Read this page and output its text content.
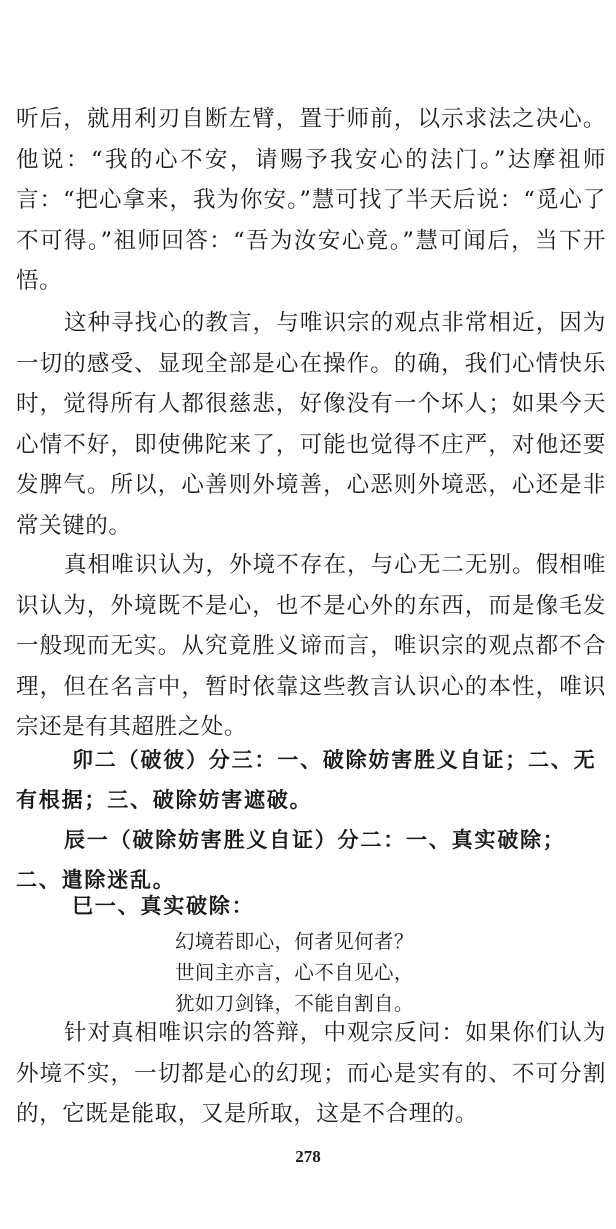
听后，就用利刃自断左臂，置于师前，以示求法之决心。他说：“我的心不安，请赐予我安心的法门。”达摩祖师言：“把心拿来，我为你安。”慧可找了半天后说：“觅心了不可得。”祖师回答：“吾为汝安心竟。”慧可闻后，当下开悟。

这种寻找心的教言，与唯识宗的观点非常相近，因为一切的感受、显现全部是心在操作。的确，我们心情快乐时，觉得所有人都很慈悲，好像没有一个坏人；如果今天心情不好，即使佛陀来了，可能也觉得不庄严，对他还要发脾气。所以，心善则外境善，心恶则外境恶，心还是非常关键的。

真相唯识认为，外境不存在，与心无二无别。假相唯识认为，外境既不是心，也不是心外的东西，而是像毛发一般现而无实。从究竟胜义谛而言，唯识宗的观点都不合理，但在名言中，暂时依靠这些教言认识心的本性，唯识宗还是有其超胜之处。

卯二（破彼）分三：一、破除妨害胜义自证；二、无有根据；三、破除妨害遮破。

辰一（破除妨害胜义自证）分二：一、真实破除；二、遣除迷乱。

巳一、真实破除：

幻境若即心，何者见何者？
世间主亦言，心不自见心，
犹如刀剑锋，不能自割自。

针对真相唯识宗的答辩，中观宗反问：如果你们认为外境不实，一切都是心的幻现；而心是实有的、不可分割的，它既是能取，又是所取，这是不合理的。

278
